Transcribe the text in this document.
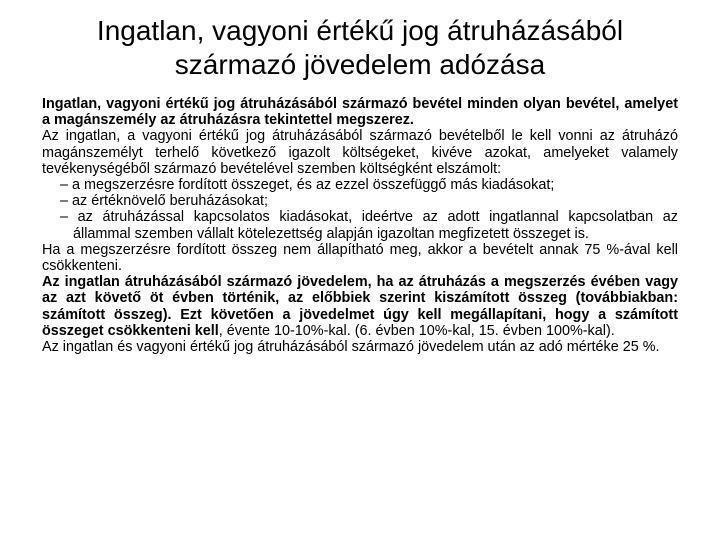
Ingatlan, vagyoni értékű jog átruházásából
származó jövedelem adózása

Ingatlan, vagyoni értékű jog átruházásából származó bevétel minden olyan bevétel, amelyet a magánszemély az átruházásra tekintettel megszerez.

Az ingatlan, a vagyoni értékű jog átruházásából származó bevételből le kell vonni az átruházó magánszemélyt terhelő következő igazolt költségeket, kivéve azokat, amelyeket valamely tevékenységéből származó bevételével szemben költségként elszámolt:

– a megszerzésre fordított összeget, és az ezzel összefüggő más kiadásokat;

– az értéknövelő beruházásokat;

– az átruházással kapcsolatos kiadásokat, ideértve az adott ingatlannal kapcsolatban az állammal szemben vállalt kötelezettség alapján igazoltan megfizetett összeget is.

Ha a megszerzésre fordított összeg nem állapítható meg, akkor a bevételt annak 75 %-ával kell csökkenteni.

Az ingatlan átruházásából származó jövedelem, ha az átruházás a megszerzés évében vagy az azt követő öt évben történik, az előbbiek szerint kiszámított összeg (továbbiakban: számított összeg). Ezt követően a jövedelmet úgy kell megállapítani, hogy a számított összeget csökkenteni kell, évente 10-10%-kal. (6. évben 10%-kal, 15. évben 100%-kal).

Az ingatlan és vagyoni értékű jog átruházásából származó jövedelem után az adó mértéke 25 %.
